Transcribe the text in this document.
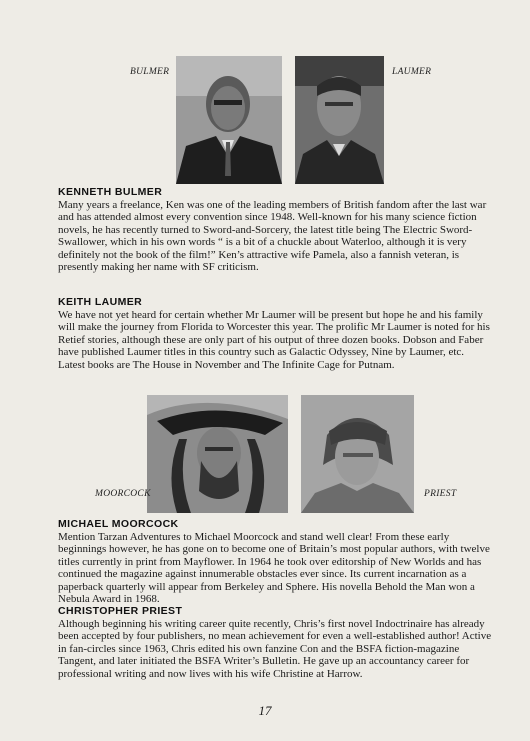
BULMER	LAUMER
MOORCOCK	PRIEST
KENNETH BULMER

Many years a freelance, Ken was one of the leading members of British fandom after the last war and has attended almost every convention since 1948. Well-known for his many science fiction novels, he has recently turned to Sword-and-Sorcery, the latest title being The Electric Sword-Swallower, which in his own words “ is a bit of a chuckle about Waterloo, although it is very definitely not the book of the film!” Ken’s attractive wife Pamela, also a fannish veteran, is presently making her name with SF criticism.

KEITH LAUMER

We have not yet heard for certain whether Mr Laumer will be present but hope he and his family will make the journey from Florida to Worcester this year. The prolific Mr Laumer is noted for his Retief stories, although these are only part of his output of three dozen books. Dobson and Faber have published Laumer titles in this country such as Galactic Odyssey, Nine by Laumer, etc. Latest books are The House in November and The Infinite Cage for Putnam.

MICHAEL MOORCOCK

Mention Tarzan Adventures to Michael Moorcock and stand well clear! From these early beginnings however, he has gone on to become one of Britain’s most popular authors, with twelve titles currently in print from Mayflower. In 1964 he took over editorship of New Worlds and has continued the magazine against innumerable obstacles ever since. Its current incarnation as a paperback quarterly will appear from Berkeley and Sphere. His novella Behold the Man won a Nebula Award in 1968.

CHRISTOPHER PRIEST

Although beginning his writing career quite recently, Chris’s first novel Indoctrinaire has already been accepted by four publishers, no mean achievement for even a well-established author! Active in fan-circles since 1963, Chris edited his own fanzine Con and the BSFA fiction-magazine Tangent, and later initiated the BSFA Writer’s Bulletin. He gave up an accountancy career for professional writing and now lives with his wife Christine at Harrow.

17
